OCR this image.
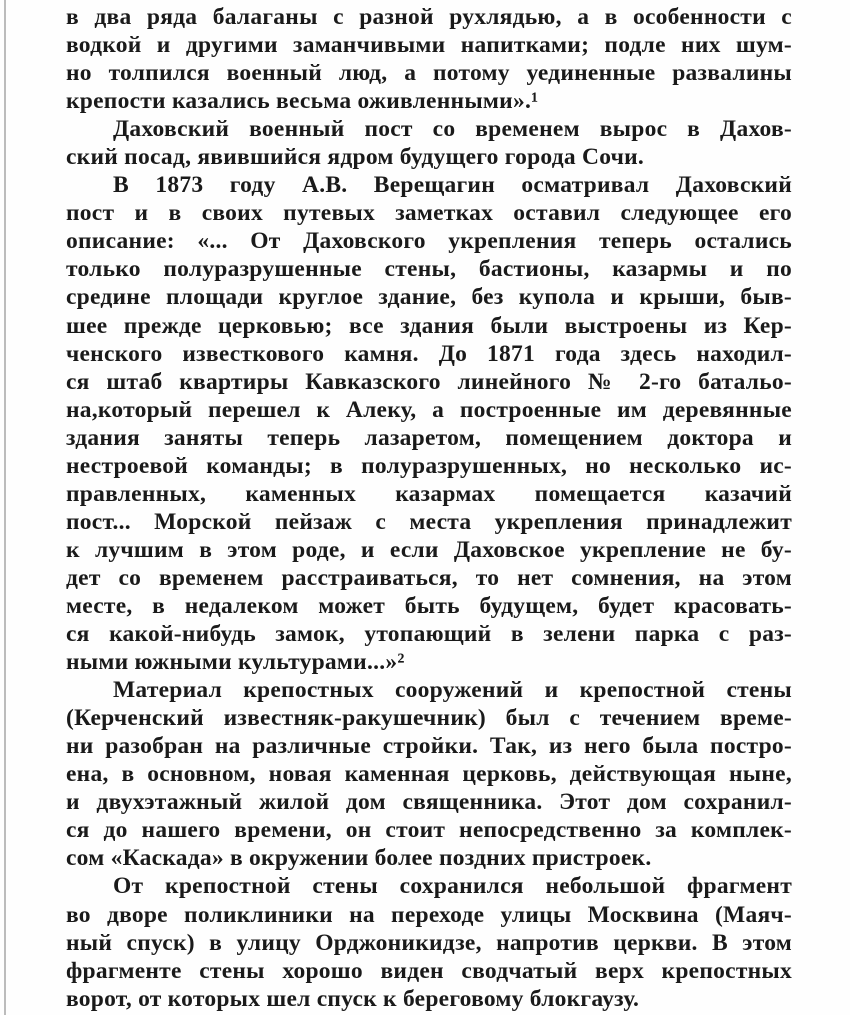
в два ряда балаганы с разной рухлядью, а в особенности с
водкой и другими заманчивыми напитками; подле них шум-
но толпился военный люд, а потому уединенные развалины
крепости казались весьма оживленными».¹
Даховский военный пост со временем вырос в Дахов-
ский посад, явившийся ядром будущего города Сочи.
В 1873 году А.В. Верещагин осматривал Даховский
пост и в своих путевых заметках оставил следующее его
описание: «... От Даховского укрепления теперь остались
только полуразрушенные стены, бастионы, казармы и по
средине площади круглое здание, без купола и крыши, быв-
шее прежде церковью; все здания были выстроены из Кер-
ченского известкового камня. До 1871 года здесь находил-
ся штаб квартиры Кавказского линейного № 2-го батальо-
на,который перешел к Алеку, а построенные им деревянные
здания заняты теперь лазаретом, помещением доктора и
нестроевой команды; в полуразрушенных, но несколько ис-
правленных, каменных казармах помещается казачий
пост... Морской пейзаж с места укрепления принадлежит
к лучшим в этом роде, и если Даховское укрепление не бу-
дет со временем расстраиваться, то нет сомнения, на этом
месте, в недалеком может быть будущем, будет красовать-
ся какой-нибудь замок, утопающий в зелени парка с раз-
ными южными культурами...»²
Материал крепостных сооружений и крепостной стены
(Керченский известняк-ракушечник) был с течением време-
ни разобран на различные стройки. Так, из него была постро-
ена, в основном, новая каменная церковь, действующая ныне,
и двухэтажный жилой дом священника. Этот дом сохранил-
ся до нашего времени, он стоит непосредственно за комплек-
сом «Каскада» в окружении более поздних пристроек.
От крепостной стены сохранился небольшой фрагмент
во дворе поликлиники на переходе улицы Москвина (Маяч-
ный спуск) в улицу Орджоникидзе, напротив церкви. В этом
фрагменте стены хорошо виден сводчатый верх крепостных
ворот, от которых шел спуск к береговому блокгаузу.
